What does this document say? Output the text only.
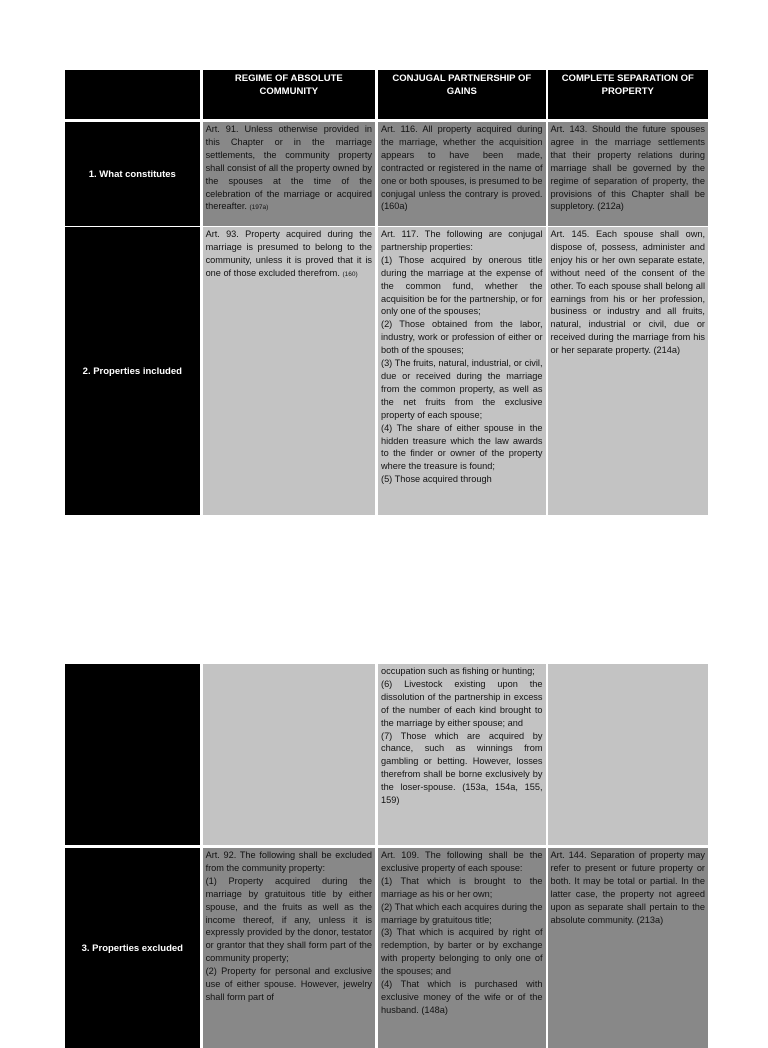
REGIME OF ABSOLUTE COMMUNITY
CONJUGAL PARTNERSHIP OF GAINS
COMPLETE SEPARATION OF PROPERTY
1. What constitutes
Art. 91. Unless otherwise provided in this Chapter or in the marriage settlements, the community property shall consist of all the property owned by the spouses at the time of the celebration of the marriage or acquired thereafter. (197a)
Art. 116. All property acquired during the marriage, whether the acquisition appears to have been made, contracted or registered in the name of one or both spouses, is presumed to be conjugal unless the contrary is proved. (160a)
Art. 143. Should the future spouses agree in the marriage settlements that their property relations during marriage shall be governed by the regime of separation of property, the provisions of this Chapter shall be suppletory. (212a)
2. Properties included
Art. 93. Property acquired during the marriage is presumed to belong to the community, unless it is proved that it is one of those excluded therefrom. (160)
Art. 117. The following are conjugal partnership properties:
(1) Those acquired by onerous title during the marriage at the expense of the common fund, whether the acquisition be for the partnership, or for only one of the spouses;
(2) Those obtained from the labor, industry, work or profession of either or both of the spouses;
(3) The fruits, natural, industrial, or civil, due or received during the marriage from the common property, as well as the net fruits from the exclusive property of each spouse;
(4) The share of either spouse in the hidden treasure which the law awards to the finder or owner of the property where the treasure is found;
(5) Those acquired through
Art. 145. Each spouse shall own, dispose of, possess, administer and enjoy his or her own separate estate, without need of the consent of the other. To each spouse shall belong all earnings from his or her profession, business or industry and all fruits, natural, industrial or civil, due or received during the marriage from his or her separate property. (214a)
occupation such as fishing or hunting;
(6) Livestock existing upon the dissolution of the partnership in excess of the number of each kind brought to the marriage by either spouse; and
(7) Those which are acquired by chance, such as winnings from gambling or betting. However, losses therefrom shall be borne exclusively by the loser-spouse. (153a, 154a, 155, 159)
3. Properties excluded
Art. 92. The following shall be excluded from the community property:
(1) Property acquired during the marriage by gratuitous title by either spouse, and the fruits as well as the income thereof, if any, unless it is expressly provided by the donor, testator or grantor that they shall form part of the community property;
(2) Property for personal and exclusive use of either spouse. However, jewelry shall form part of
Art. 109. The following shall be the exclusive property of each spouse:
(1) That which is brought to the marriage as his or her own;
(2) That which each acquires during the marriage by gratuitous title;
(3) That which is acquired by right of redemption, by barter or by exchange with property belonging to only one of the spouses; and
(4) That which is purchased with exclusive money of the wife or of the husband. (148a)
Art. 144. Separation of property may refer to present or future property or both. It may be total or partial. In the latter case, the property not agreed upon as separate shall pertain to the absolute community. (213a)
